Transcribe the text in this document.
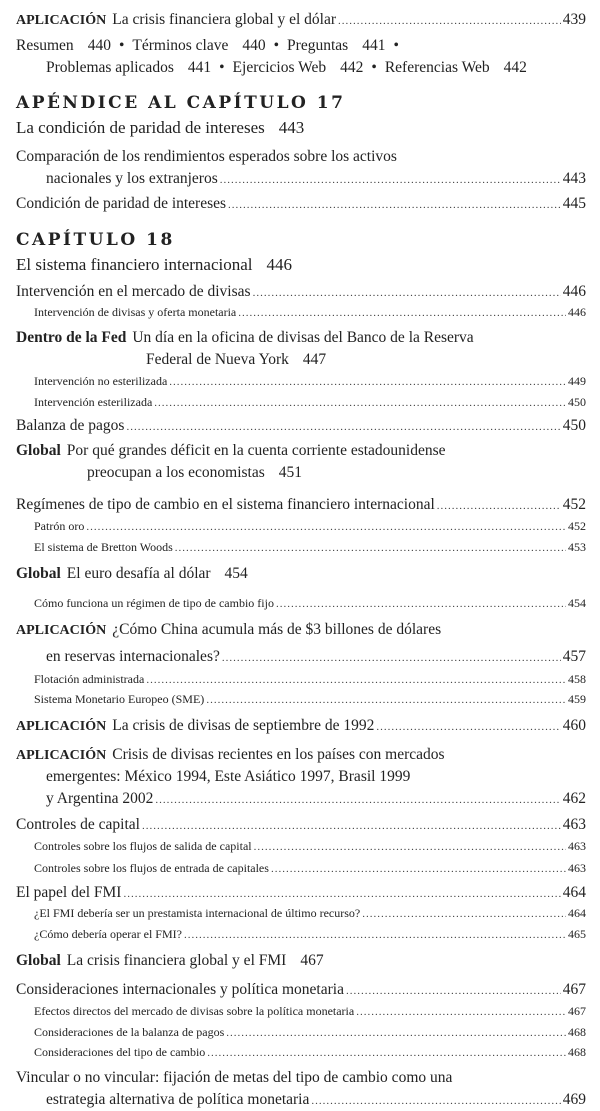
APLICACIÓN La crisis financiera global y el dólar .....	439
Resumen 440 • Términos clave 440 • Preguntas 441 •
Problemas aplicados 441 • Ejercicios Web 442 • Referencias Web 442
APÉNDICE AL CAPÍTULO 17
La condición de paridad de intereses 443
Comparación de los rendimientos esperados sobre los activos
nacionales y los extranjeros .....	443
Condición de paridad de intereses .....	445
CAPÍTULO 18
El sistema financiero internacional 446
Intervención en el mercado de divisas .....	446
Intervención de divisas y oferta monetaria .....	446
Dentro de la Fed Un día en la oficina de divisas del Banco de la Reserva
Federal de Nueva York 447
Intervención no esterilizada .....	449
Intervención esterilizada .....	450
Balanza de pagos .....	450
Global Por qué grandes déficit en la cuenta corriente estadounidense
preocupan a los economistas 451
Regímenes de tipo de cambio en el sistema financiero internacional .....	452
Patrón oro .....	452
El sistema de Bretton Woods .....	453
Global El euro desafía al dólar 454
Cómo funciona un régimen de tipo de cambio fijo .....	454
APLICACIÓN ¿Cómo China acumula más de $3 billones de dólares
en reservas internacionales? .....	457
Flotación administrada .....	458
Sistema Monetario Europeo (SME) .....	459
APLICACIÓN La crisis de divisas de septiembre de 1992 .....	460
APLICACIÓN Crisis de divisas recientes en los países con mercados
emergentes: México 1994, Este Asiático 1997, Brasil 1999
y Argentina 2002 .....	462
Controles de capital .....	463
Controles sobre los flujos de salida de capital .....	463
Controles sobre los flujos de entrada de capitales .....	463
El papel del FMI .....	464
¿El FMI debería ser un prestamista internacional de último recurso? .....	464
¿Cómo debería operar el FMI? .....	465
Global La crisis financiera global y el FMI 467
Consideraciones internacionales y política monetaria .....	467
Efectos directos del mercado de divisas sobre la política monetaria .....	467
Consideraciones de la balanza de pagos .....	468
Consideraciones del tipo de cambio .....	468
Vincular o no vincular: fijación de metas del tipo de cambio como una
estrategia alternativa de política monetaria .....	469
